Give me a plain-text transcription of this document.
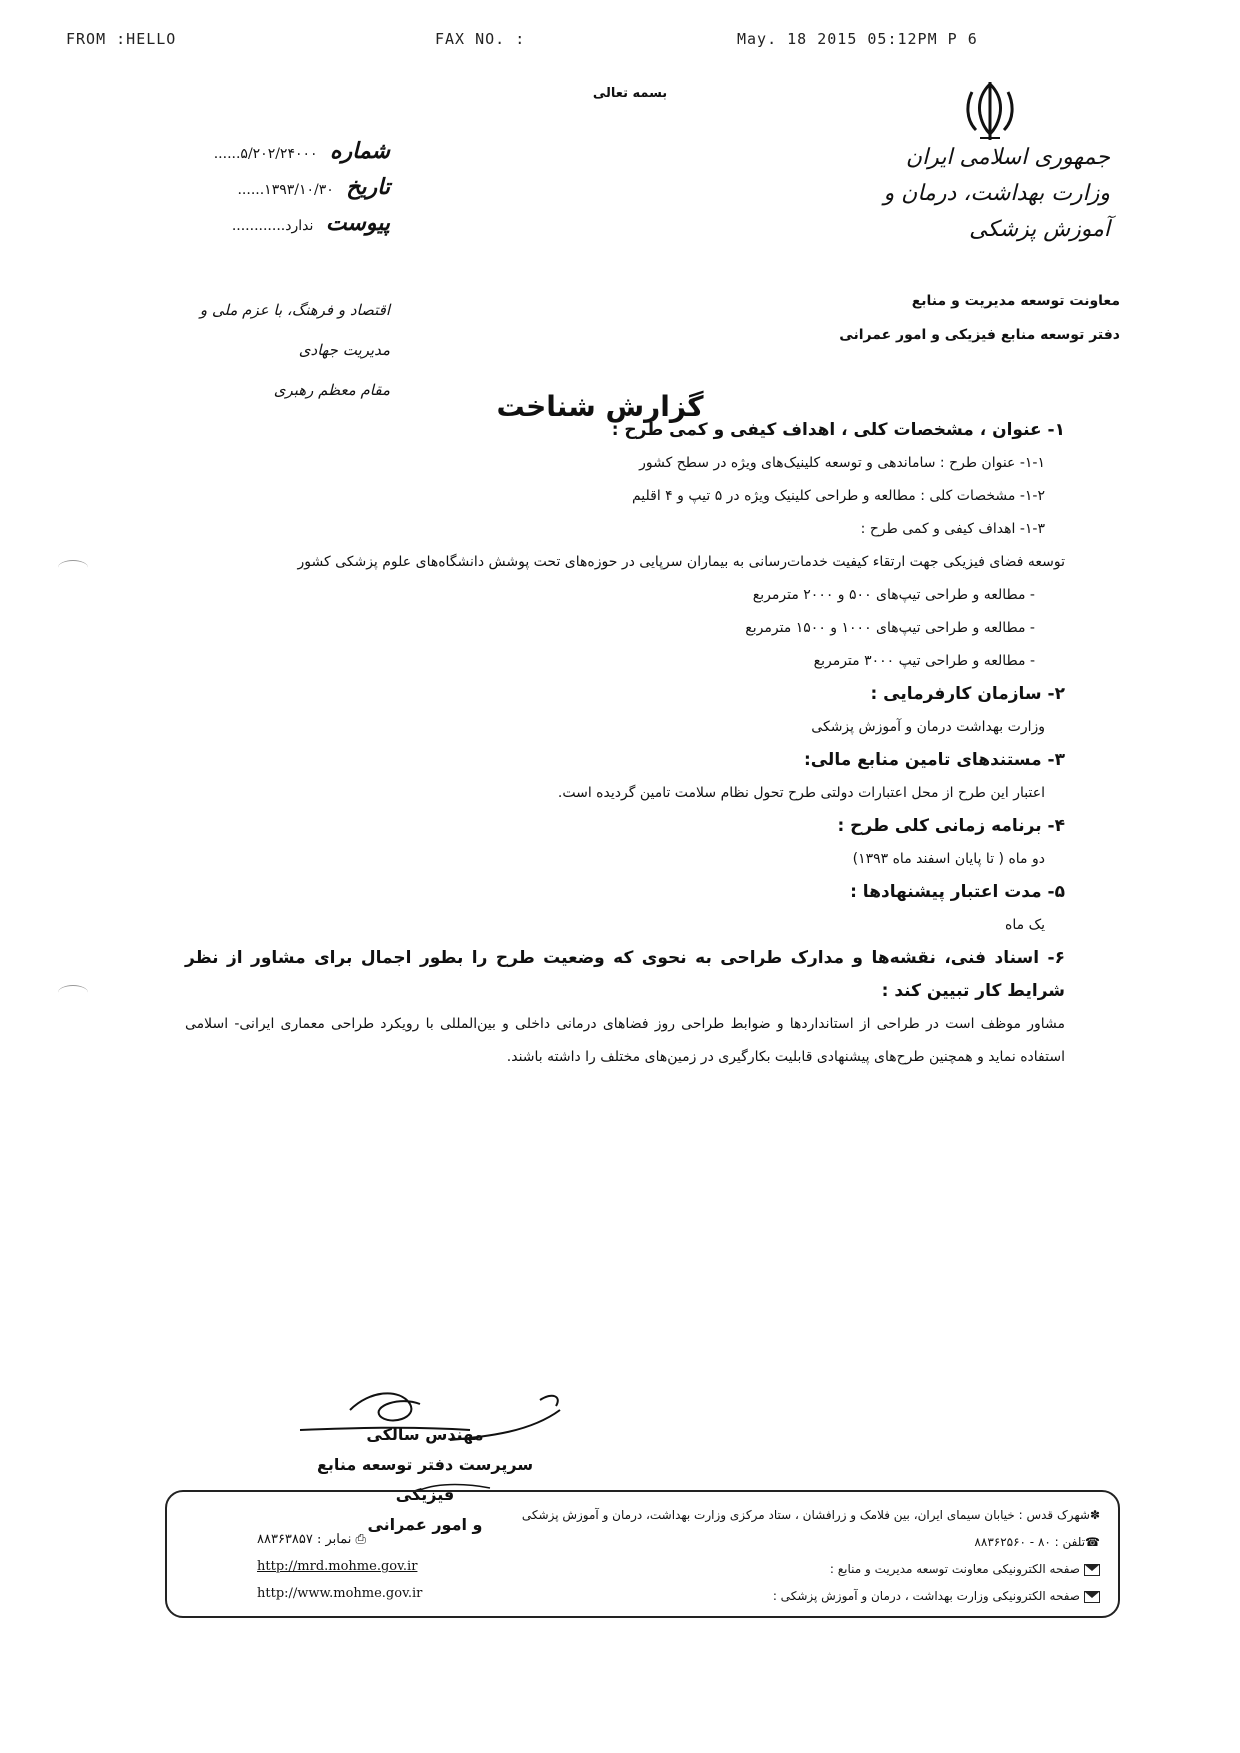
FROM :HELLO	FAX NO. :	May. 18 2015 05:12PM P 6
بسمه تعالی
جمهوری اسلامی ایران
وزارت بهداشت، درمان و آموزش پزشکی
معاونت توسعه مدیریت و منابع
دفتر توسعه منابع فیزیکی و امور عمرانی
شماره ۵/۲۰۲/۲۴۰۰۰......
تاریخ ۱۳۹۳/۱۰/۳۰......
پیوست ندارد............
اقتصاد و فرهنگ، با عزم ملی و مدیریت جهادی
مقام معظم رهبری	گزارش شناخت
۱- عنوان ، مشخصات کلی ، اهداف کیفی و کمی طرح :
۱-۱- عنوان طرح : ساماندهی و توسعه کلینیک‌های ویژه در سطح کشور
۱-۲- مشخصات کلی : مطالعه و طراحی کلینیک ویژه در ۵ تیپ و ۴ اقلیم
۱-۳- اهداف کیفی و کمی طرح :
توسعه فضای فیزیکی جهت ارتقاء کیفیت خدمات‌رسانی به بیماران سرپایی در حوزه‌های تحت پوشش دانشگاه‌های علوم پزشکی کشور
- مطالعه و طراحی تیپ‌های ۵۰۰ و ۲۰۰۰ مترمربع
- مطالعه و طراحی تیپ‌های ۱۰۰۰ و ۱۵۰۰ مترمربع
- مطالعه و طراحی تیپ ۳۰۰۰ مترمربع
۲- سازمان کارفرمایی :
وزارت بهداشت درمان و آموزش پزشکی
۳- مستندهای تامین منابع مالی:
اعتبار این طرح از محل اعتبارات دولتی طرح تحول نظام سلامت تامین گردیده است.
۴- برنامه زمانی کلی طرح :
دو ماه ( تا پایان اسفند ماه ۱۳۹۳)
۵- مدت اعتبار پیشنهادها :
یک ماه
۶- اسناد فنی، نقشه‌ها و مدارک طراحی به نحوی که وضعیت طرح را بطور اجمال برای مشاور از نظر شرایط کار تبیین کند :
مشاور موظف است در طراحی از استانداردها و ضوابط طراحی روز فضاهای درمانی داخلی و بین‌المللی با رویکرد طراحی معماری ایرانی- اسلامی استفاده نماید و همچنین طرح‌های پیشنهادی قابلیت بکارگیری در زمین‌های مختلف را داشته باشند.
مهندس سالکی
سرپرست دفتر توسعه منابع فیزیکی
و امور عمرانی	✽شهرک قدس : خیابان سیمای ایران، بین فلامک و زرافشان ، ستاد مرکزی وزارت بهداشت، درمان و آموزش پزشکی
☎تلفن : ۸۰ - ۸۸۳۶۲۵۶۰
صفحه الکترونیکی معاونت توسعه مدیریت و منابع :
صفحه الکترونیکی وزارت بهداشت ، درمان و آموزش پزشکی :
⎙ نمابر : ۸۸۳۶۳۸۵۷
http://mrd.mohme.gov.ir
http://www.mohme.gov.ir
